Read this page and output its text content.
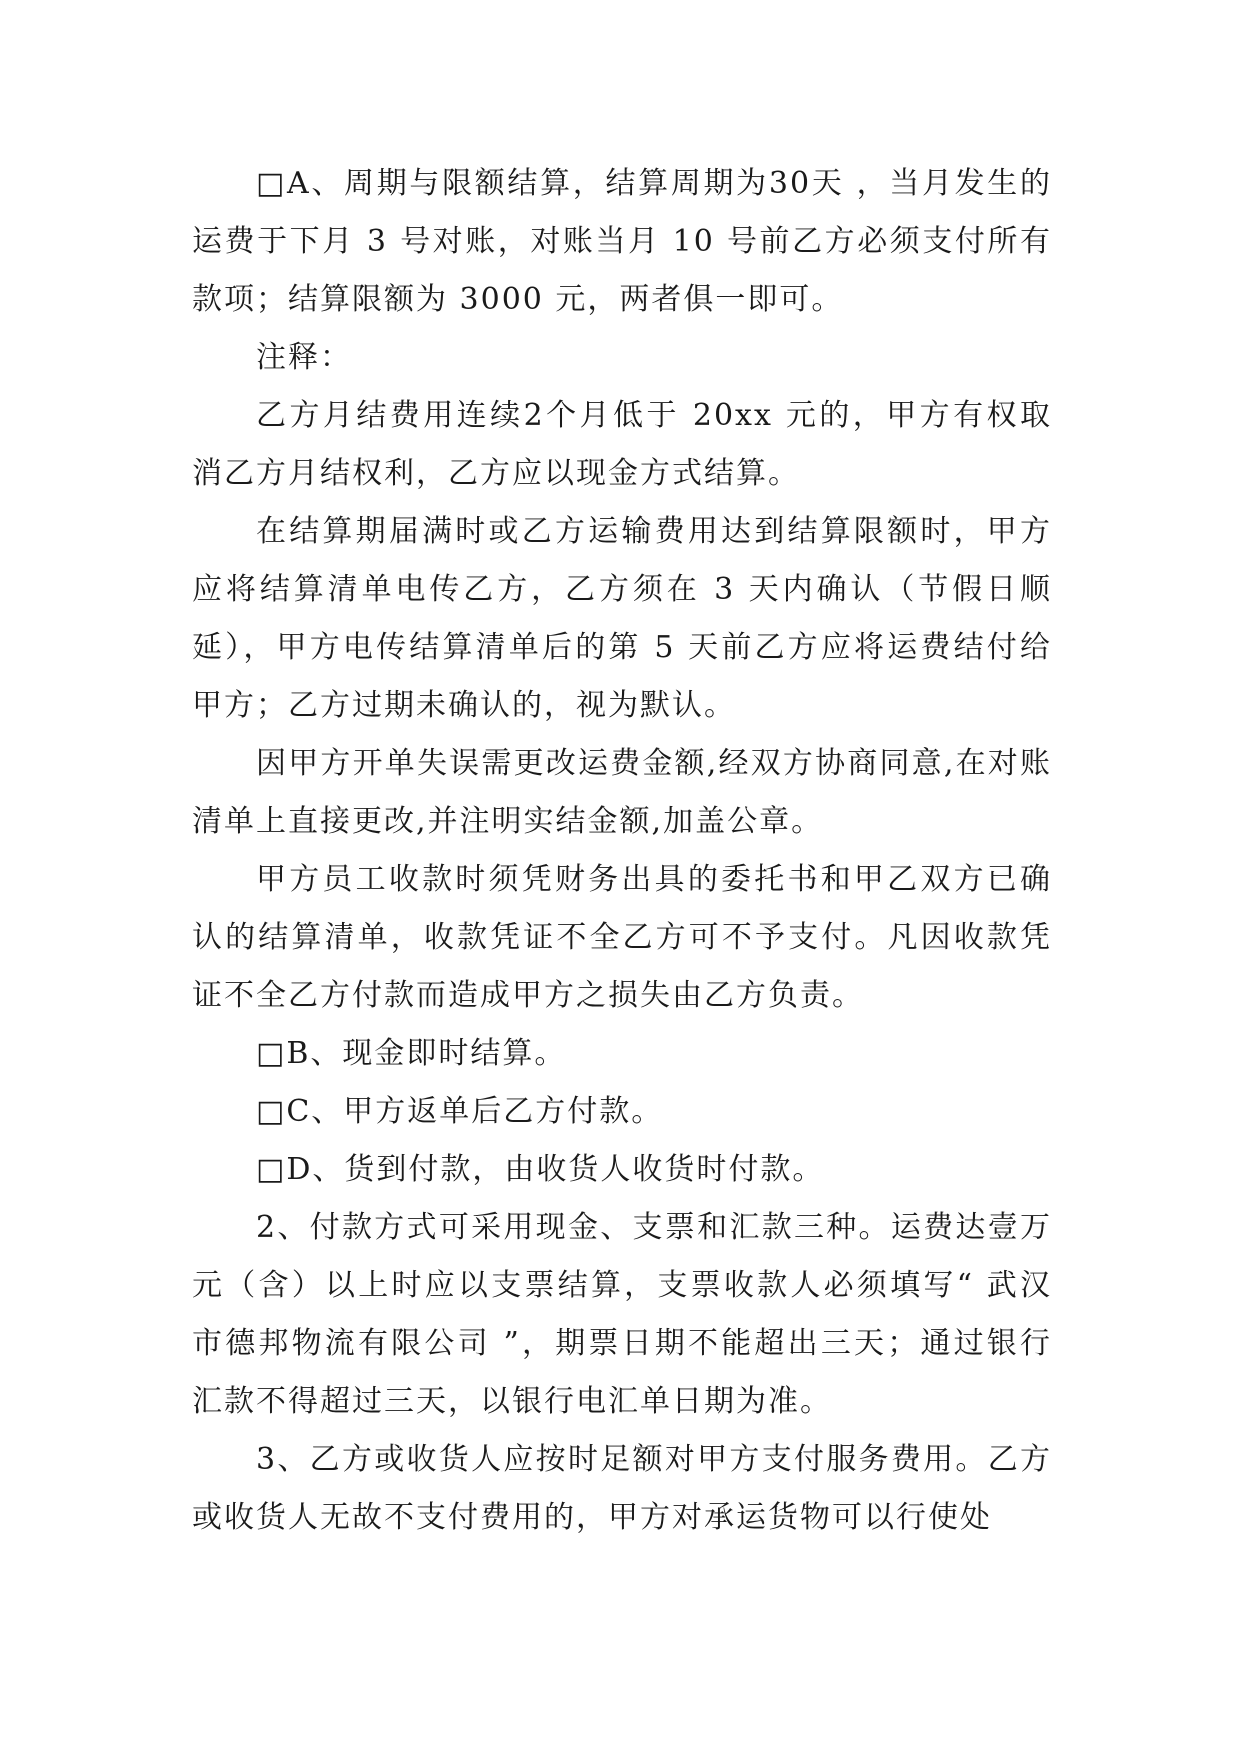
□A、周期与限额结算，结算周期为30天 ，当月发生的运费于下月 3 号对账，对账当月 10 号前乙方必须支付所有款项；结算限额为 3000 元，两者俱一即可。

注释：

乙方月结费用连续2个月低于 20xx 元的，甲方有权取消乙方月结权利，乙方应以现金方式结算。

在结算期届满时或乙方运输费用达到结算限额时，甲方应将结算清单电传乙方，乙方须在 3 天内确认（节假日顺延），甲方电传结算清单后的第 5 天前乙方应将运费结付给甲方；乙方过期未确认的，视为默认。

因甲方开单失误需更改运费金额,经双方协商同意,在对账清单上直接更改,并注明实结金额,加盖公章。

甲方员工收款时须凭财务出具的委托书和甲乙双方已确认的结算清单，收款凭证不全乙方可不予支付。凡因收款凭证不全乙方付款而造成甲方之损失由乙方负责。

□B、现金即时结算。

□C、甲方返单后乙方付款。

□D、货到付款，由收货人收货时付款。

2、付款方式可采用现金、支票和汇款三种。运费达壹万元（含）以上时应以支票结算，支票收款人必须填写“ 武汉市德邦物流有限公司 ”，期票日期不能超出三天；通过银行汇款不得超过三天，以银行电汇单日期为准。

3、乙方或收货人应按时足额对甲方支付服务费用。乙方或收货人无故不支付费用的，甲方对承运货物可以行使处
